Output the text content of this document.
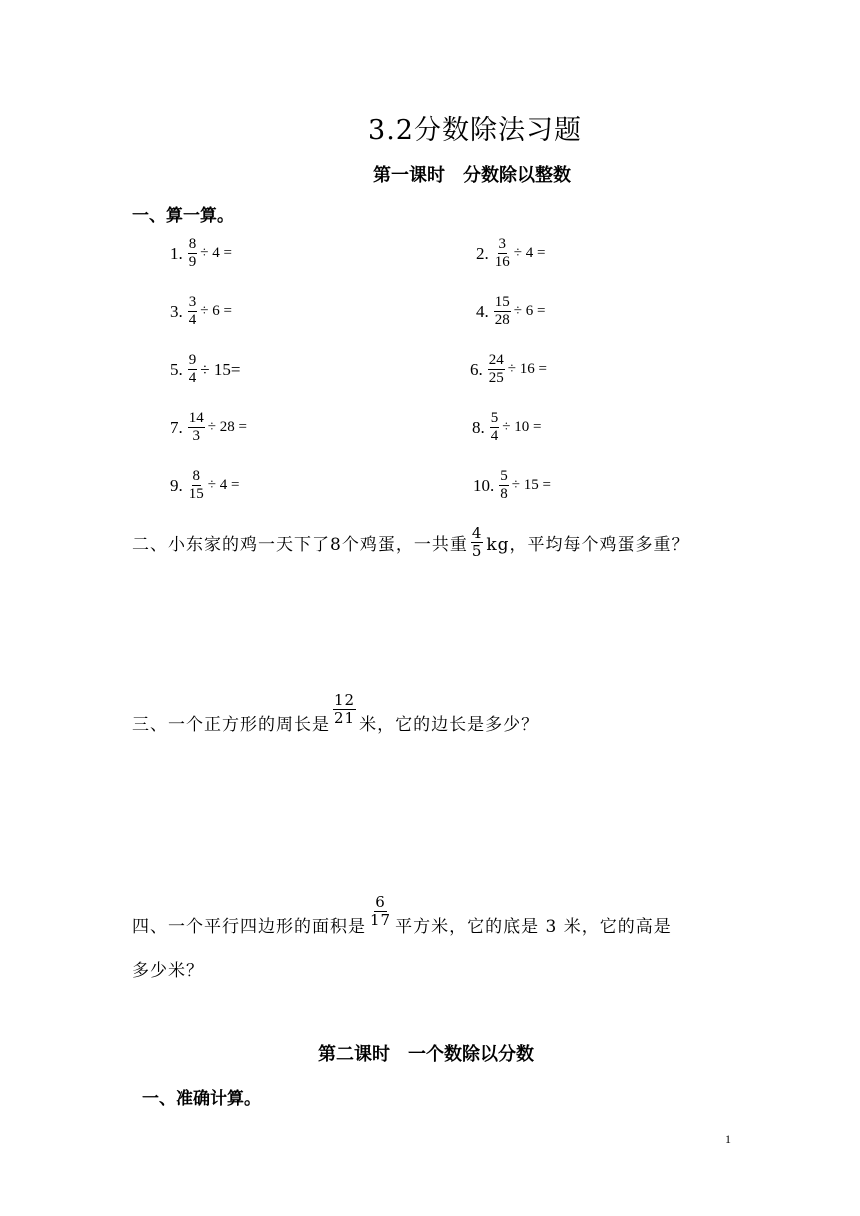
3.2分数除法习题
第一课时　分数除以整数
一、算一算。
1. $\frac{8}{9} \div 4$ =	2. $\frac{3}{16} \div 4$ =
3. $\frac{3}{4} \div 6$ =	4. $\frac{15}{28} \div 6$ =
5. $\frac{9}{4} \div 15=$	6. $\frac{24}{25} \div 16$ =
7. $\frac{14}{3} \div 28$ =	8. $\frac{5}{4} \div 10$ =
9. $\frac{8}{15} \div 4$ =	10. $\frac{5}{8} \div 15$ =
二、小东家的鸡一天下了8个鸡蛋，一共重 $\frac{4}{5}$ kg，平均每个鸡蛋多重？
三、一个正方形的周长是 $\frac{12}{21}$ 米，它的边长是多少？
四、一个平行四边形的面积是 $\frac{6}{17}$ 平方米，它的底是 3 米，它的高是
多少米？
第二课时　一个数除以分数
一、准确计算。
1
